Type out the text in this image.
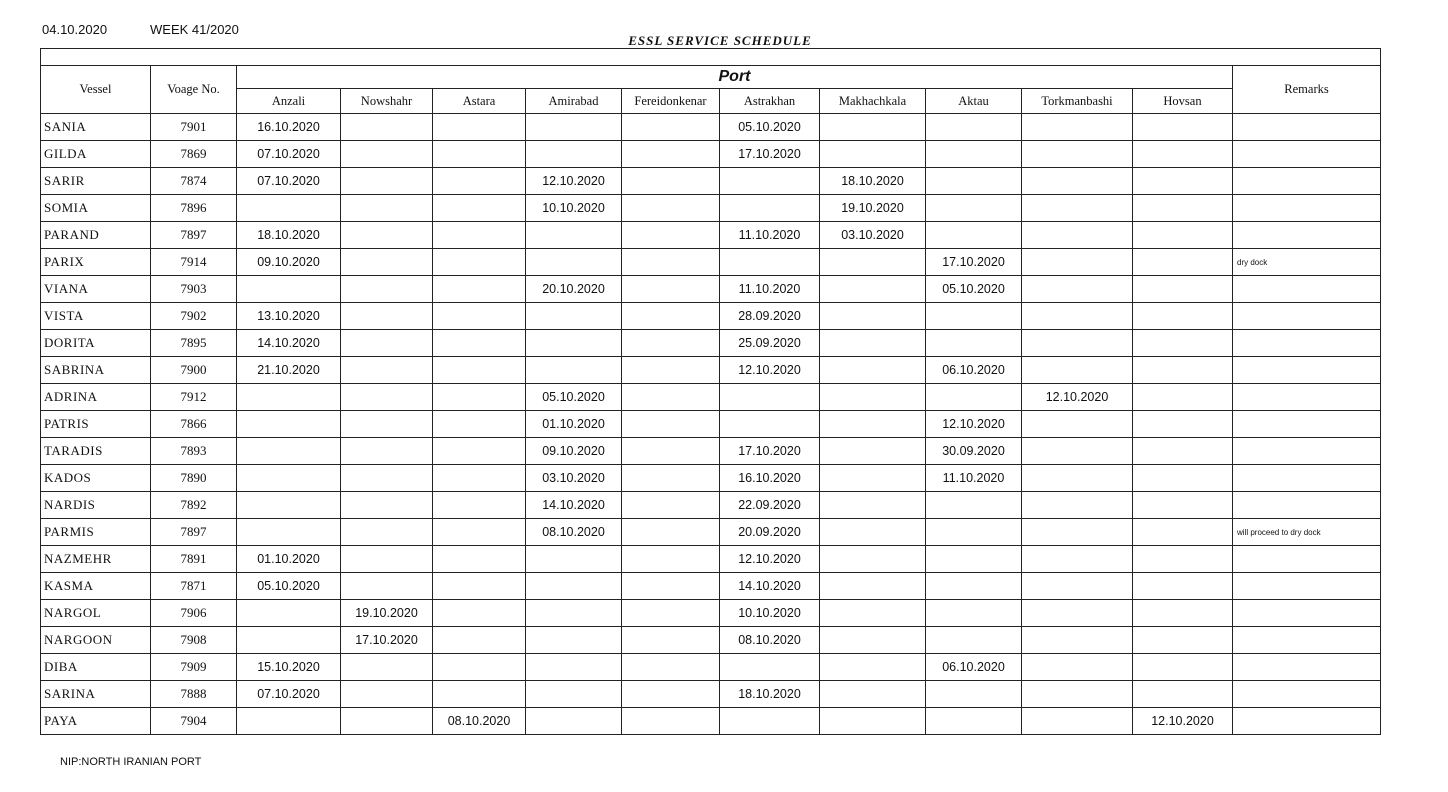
04.10.2020	WEEK 41/2020
ESSL SERVICE SCHEDULE

Vessel	Voage No.	Port										Remarks
		Anzali	Nowshahr	Astara	Amirabad	Fereidonkenar	Astrakhan	Makhachkala	Aktau	Torkmanbashi	Hovsan	
SANIA	7901	16.10.2020					05.10.2020					
GILDA	7869	07.10.2020					17.10.2020					
SARIR	7874	07.10.2020			12.10.2020			18.10.2020				
SOMIA	7896				10.10.2020			19.10.2020				
PARAND	7897	18.10.2020					11.10.2020	03.10.2020				
PARIX	7914	09.10.2020							17.10.2020			dry dock
VIANA	7903				20.10.2020		11.10.2020		05.10.2020			
VISTA	7902	13.10.2020					28.09.2020					
DORITA	7895	14.10.2020					25.09.2020					
SABRINA	7900	21.10.2020					12.10.2020		06.10.2020			
ADRINA	7912				05.10.2020					12.10.2020		
PATRIS	7866				01.10.2020				12.10.2020			
TARADIS	7893				09.10.2020		17.10.2020		30.09.2020			
KADOS	7890				03.10.2020		16.10.2020		11.10.2020			
NARDIS	7892				14.10.2020		22.09.2020					
PARMIS	7897				08.10.2020		20.09.2020					will proceed to dry dock
NAZMEHR	7891	01.10.2020					12.10.2020					
KASMA	7871	05.10.2020					14.10.2020					
NARGOL	7906		19.10.2020				10.10.2020					
NARGOON	7908		17.10.2020				08.10.2020					
DIBA	7909	15.10.2020							06.10.2020			
SARINA	7888	07.10.2020					18.10.2020					
PAYA	7904			08.10.2020							12.10.2020	
NIP:NORTH IRANIAN PORT
